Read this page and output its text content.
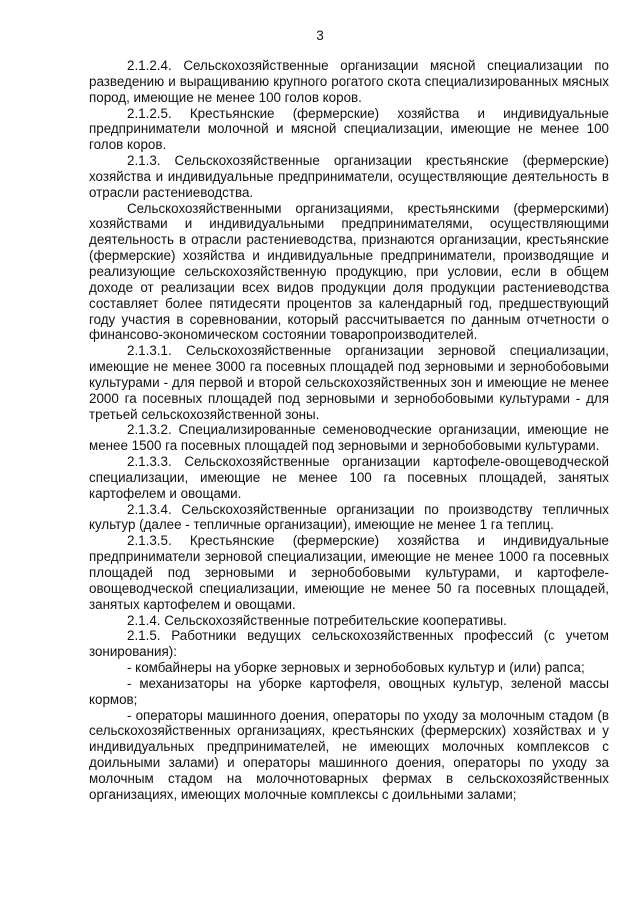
3

2.1.2.4. Сельскохозяйственные организации мясной специализации по разведению и выращиванию крупного рогатого скота специализированных мясных пород, имеющие не менее 100 голов коров.

2.1.2.5. Крестьянские (фермерские) хозяйства и индивидуальные предприниматели молочной и мясной специализации, имеющие не менее 100 голов коров.

2.1.3. Сельскохозяйственные организации крестьянские (фермерские) хозяйства и индивидуальные предприниматели, осуществляющие деятельность в отрасли растениеводства.

Сельскохозяйственными организациями, крестьянскими (фермерскими) хозяйствами и индивидуальными предпринимателями, осуществляющими деятельность в отрасли растениеводства, признаются организации, крестьянские (фермерские) хозяйства и индивидуальные предприниматели, производящие и реализующие сельскохозяйственную продукцию, при условии, если в общем доходе от реализации всех видов продукции доля продукции растениеводства составляет более пятидесяти процентов за календарный год, предшествующий году участия в соревновании, который рассчитывается по данным отчетности о финансово-экономическом состоянии товаропроизводителей.

2.1.3.1. Сельскохозяйственные организации зерновой специализации, имеющие не менее 3000 га посевных площадей под зерновыми и зернобобовыми культурами - для первой и второй сельскохозяйственных зон и имеющие не менее 2000 га посевных площадей под зерновыми и зернобобовыми культурами - для третьей сельскохозяйственной зоны.

2.1.3.2. Специализированные семеноводческие организации, имеющие не менее 1500 га посевных площадей под зерновыми и зернобобовыми культурами.

2.1.3.3. Сельскохозяйственные организации картофеле-овощеводческой специализации, имеющие не менее 100 га посевных площадей, занятых картофелем и овощами.

2.1.3.4. Сельскохозяйственные организации по производству тепличных культур (далее - тепличные организации), имеющие не менее 1 га теплиц.

2.1.3.5. Крестьянские (фермерские) хозяйства и индивидуальные предприниматели зерновой специализации, имеющие не менее 1000 га посевных площадей под зерновыми и зернобобовыми культурами, и картофеле-овощеводческой специализации, имеющие не менее 50 га посевных площадей, занятых картофелем и овощами.

2.1.4. Сельскохозяйственные потребительские кооперативы.

2.1.5. Работники ведущих сельскохозяйственных профессий (с учетом зонирования):

- комбайнеры на уборке зерновых и зернобобовых культур и (или) рапса;

- механизаторы на уборке картофеля, овощных культур, зеленой массы кормов;

- операторы машинного доения, операторы по уходу за молочным стадом (в сельскохозяйственных организациях, крестьянских (фермерских) хозяйствах и у индивидуальных предпринимателей, не имеющих молочных комплексов с доильными залами) и операторы машинного доения, операторы по уходу за молочным стадом на молочнотоварных фермах в сельскохозяйственных организациях, имеющих молочные комплексы с доильными залами;
